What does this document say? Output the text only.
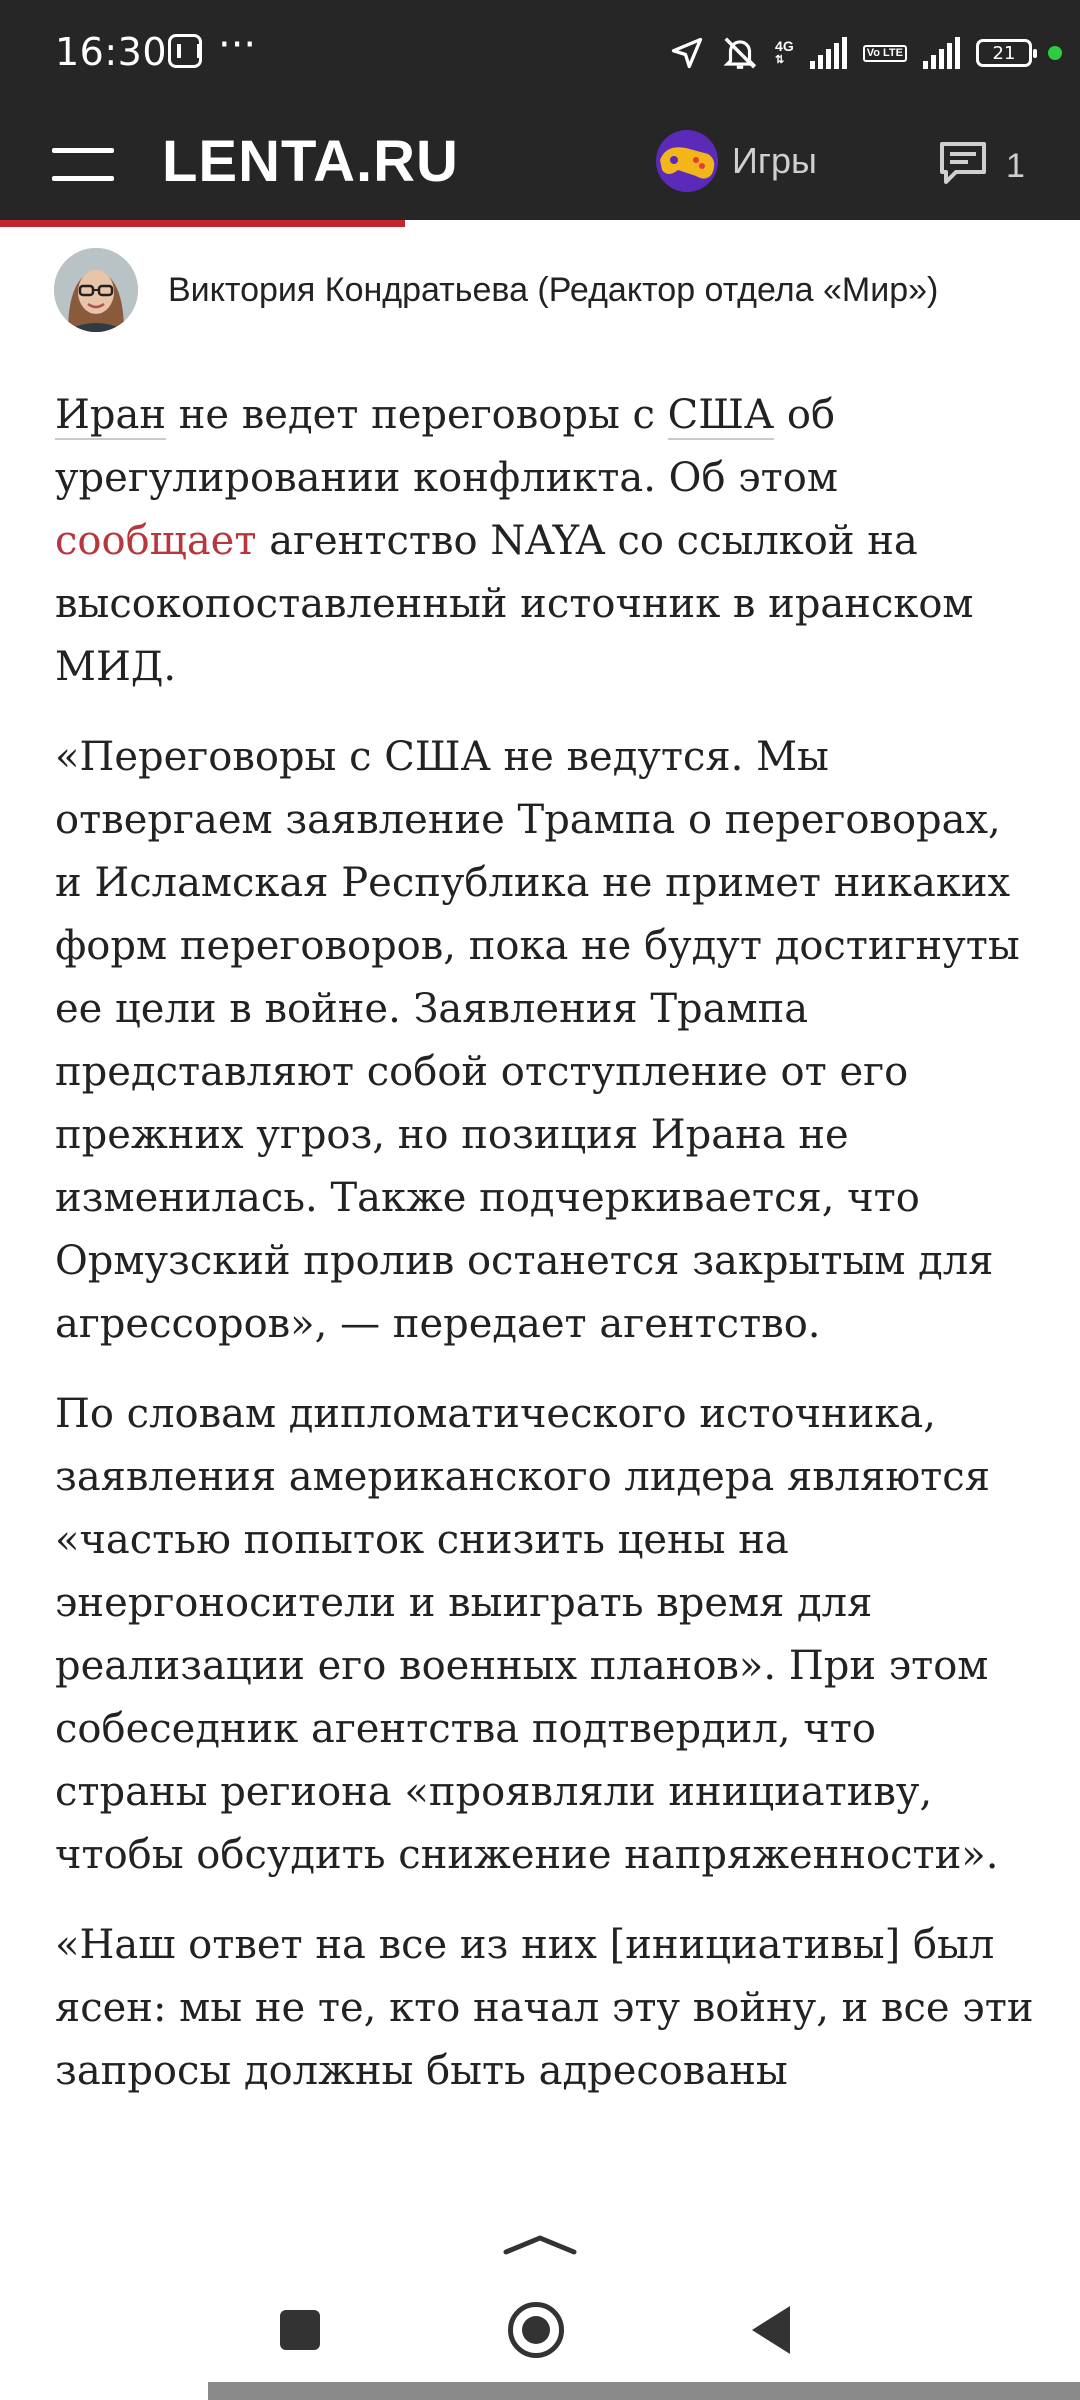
16:30 ···	4G
⇅
Vo LTE	21
LENTA.RU	Игры	1
Виктория Кондратьева (Редактор отдела «Мир»)

Иран не ведет переговоры с США об урегулировании конфликта. Об этом сообщает агентство NAYA со ссылкой на высокопоставленный источник в иранском МИД.

«Переговоры с США не ведутся. Мы отвергаем заявление Трампа о переговорах, и Исламская Республика не примет никаких форм переговоров, пока не будут достигнуты ее цели в войне. Заявления Трампа представляют собой отступление от его прежних угроз, но позиция Ирана не изменилась. Также подчеркивается, что Ормузский пролив останется закрытым для агрессоров», — передает агентство.

По словам дипломатического источника, заявления американского лидера являются «частью попыток снизить цены на энергоносители и выиграть время для реализации его военных планов». При этом собеседник агентства подтвердил, что страны региона «проявляли инициативу, чтобы обсудить снижение напряженности».

«Наш ответ на все из них [инициативы] был ясен: мы не те, кто начал эту войну, и все эти запросы должны быть адресованы
